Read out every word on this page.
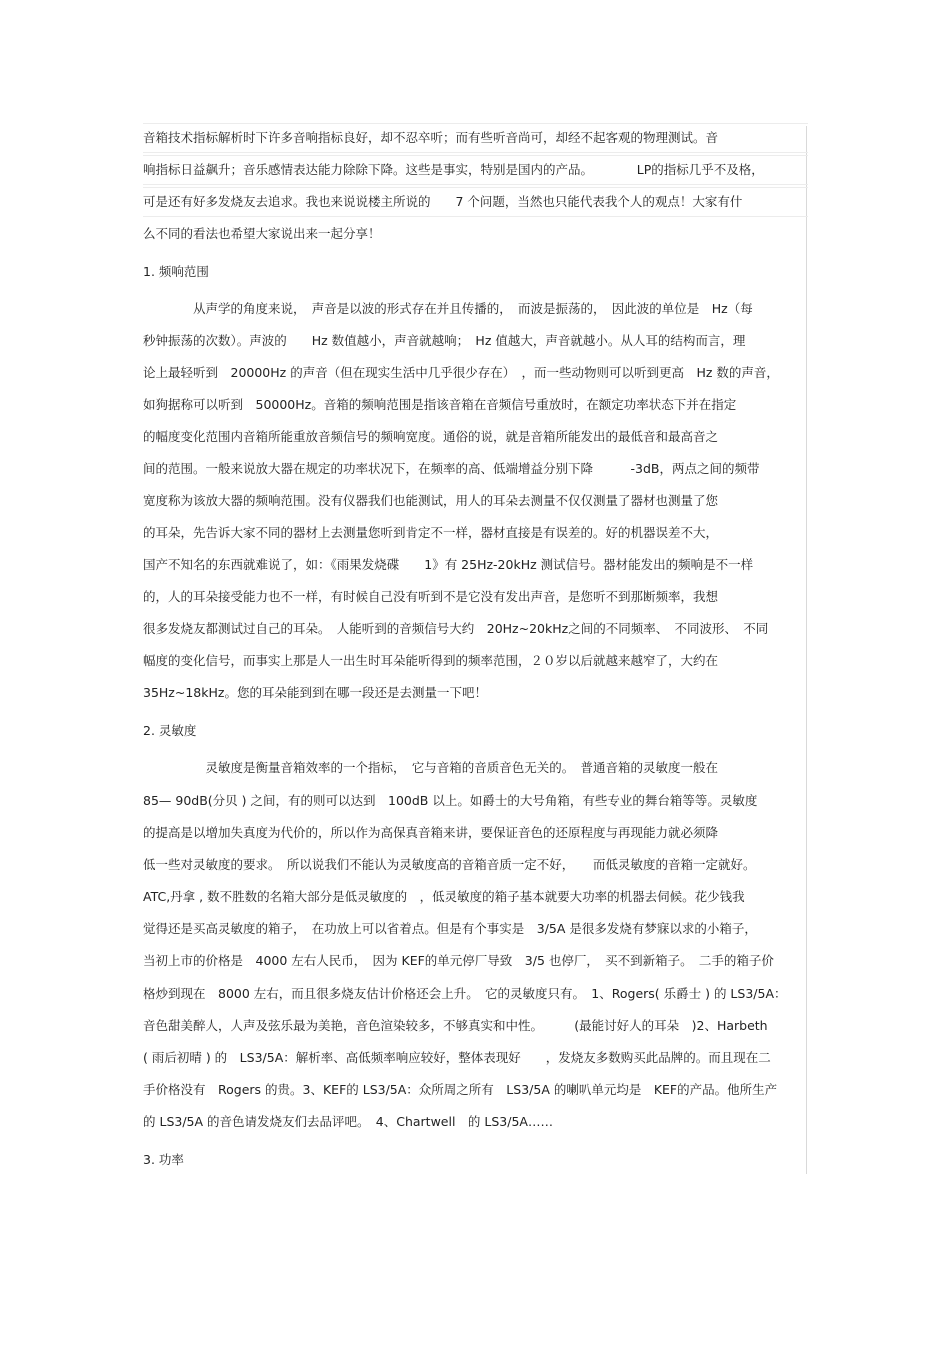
音箱技术指标解析时下许多音响指标良好，却不忍卒听；而有些听音尚可，却经不起客观的物理测试。音
响指标日益飙升；音乐感情表达能力除除下降。这些是事实，特别是国内的产品。　　　　LP的指标几乎不及格，
可是还有好多发烧友去追求。我也来说说楼主所说的　　7 个问题，当然也只能代表我个人的观点！大家有什
么不同的看法也希望大家说出来一起分享！
1. 频响范围
　　　　从声学的角度来说，　声音是以波的形式存在并且传播的，　而波是振荡的，　因此波的单位是　Hz（每
秒钟振荡的次数）。声波的　　Hz 数值越小，声音就越响；　Hz 值越大，声音就越小。从人耳的结构而言，理
论上最轻听到　20000Hz 的声音（但在现实生活中几乎很少存在）　，而一些动物则可以听到更高　Hz 数的声音，
如狗据称可以听到　50000Hz。音箱的频响范围是指该音箱在音频信号重放时，在额定功率状态下并在指定
的幅度变化范围内音箱所能重放音频信号的频响宽度。通俗的说，就是音箱所能发出的最低音和最高音之
间的范围。一般来说放大器在规定的功率状况下，在频率的高、低端增益分别下降　　　-3dB，两点之间的频带
宽度称为该放大器的频响范围。没有仪器我们也能测试，用人的耳朵去测量不仅仅测量了器材也测量了您
的耳朵，先告诉大家不同的器材上去测量您听到肯定不一样，器材直接是有误差的。好的机器误差不大，
国产不知名的东西就难说了，如：《雨果发烧碟　　1》有 25Hz-20kHz 测试信号。器材能发出的频响是不一样
的，人的耳朵接受能力也不一样，有时候自己没有听到不是它没有发出声音，是您听不到那断频率，我想
很多发烧友都测试过自己的耳朵。　人能听到的音频信号大约　20Hz~20kHz之间的不同频率、　不同波形、　不同
幅度的变化信号，而事实上那是人一出生时耳朵能听得到的频率范围，２０岁以后就越来越窄了，大约在
35Hz~18kHz。您的耳朵能到到在哪一段还是去测量一下吧！
2. 灵敏度
　　　　　灵敏度是衡量音箱效率的一个指标，　它与音箱的音质音色无关的。　普通音箱的灵敏度一般在
85— 90dB(分贝 ) 之间，有的则可以达到　100dB 以上。如爵士的大号角箱，有些专业的舞台箱等等。灵敏度
的提高是以增加失真度为代价的，所以作为高保真音箱来讲，要保证音色的还原程度与再现能力就必须降
低一些对灵敏度的要求。　所以说我们不能认为灵敏度高的音箱音质一定不好，　　而低灵敏度的音箱一定就好。
ATC,丹拿 , 数不胜数的名箱大部分是低灵敏度的　，低灵敏度的箱子基本就要大功率的机器去伺候。花少钱我
觉得还是买高灵敏度的箱子，　在功放上可以省着点。但是有个事实是　3/5A 是很多发烧有梦寐以求的小箱子，
当初上市的价格是　4000 左右人民币，　因为 KEF的单元停厂导致　3/5 也停厂，　买不到新箱子。　二手的箱子价
格炒到现在　8000 左右，而且很多烧友估计价格还会上升。　它的灵敏度只有。　1、Rogers( 乐爵士 ) 的 LS3/5A：
音色甜美醉人，人声及弦乐最为美艳，音色渲染较多，不够真实和中性。　　　(最能讨好人的耳朵　)2、Harbeth
( 雨后初晴 ) 的　LS3/5A：解析率、高低频率响应较好，整体表现好　　，发烧友多数购买此品牌的。而且现在二
手价格没有　Rogers 的贵。3、KEF的 LS3/5A：众所周之所有　LS3/5A 的喇叭单元均是　KEF的产品。他所生产
的 LS3/5A 的音色请发烧友们去品评吧。　4、Chartwell　的 LS3/5A……
3. 功率
